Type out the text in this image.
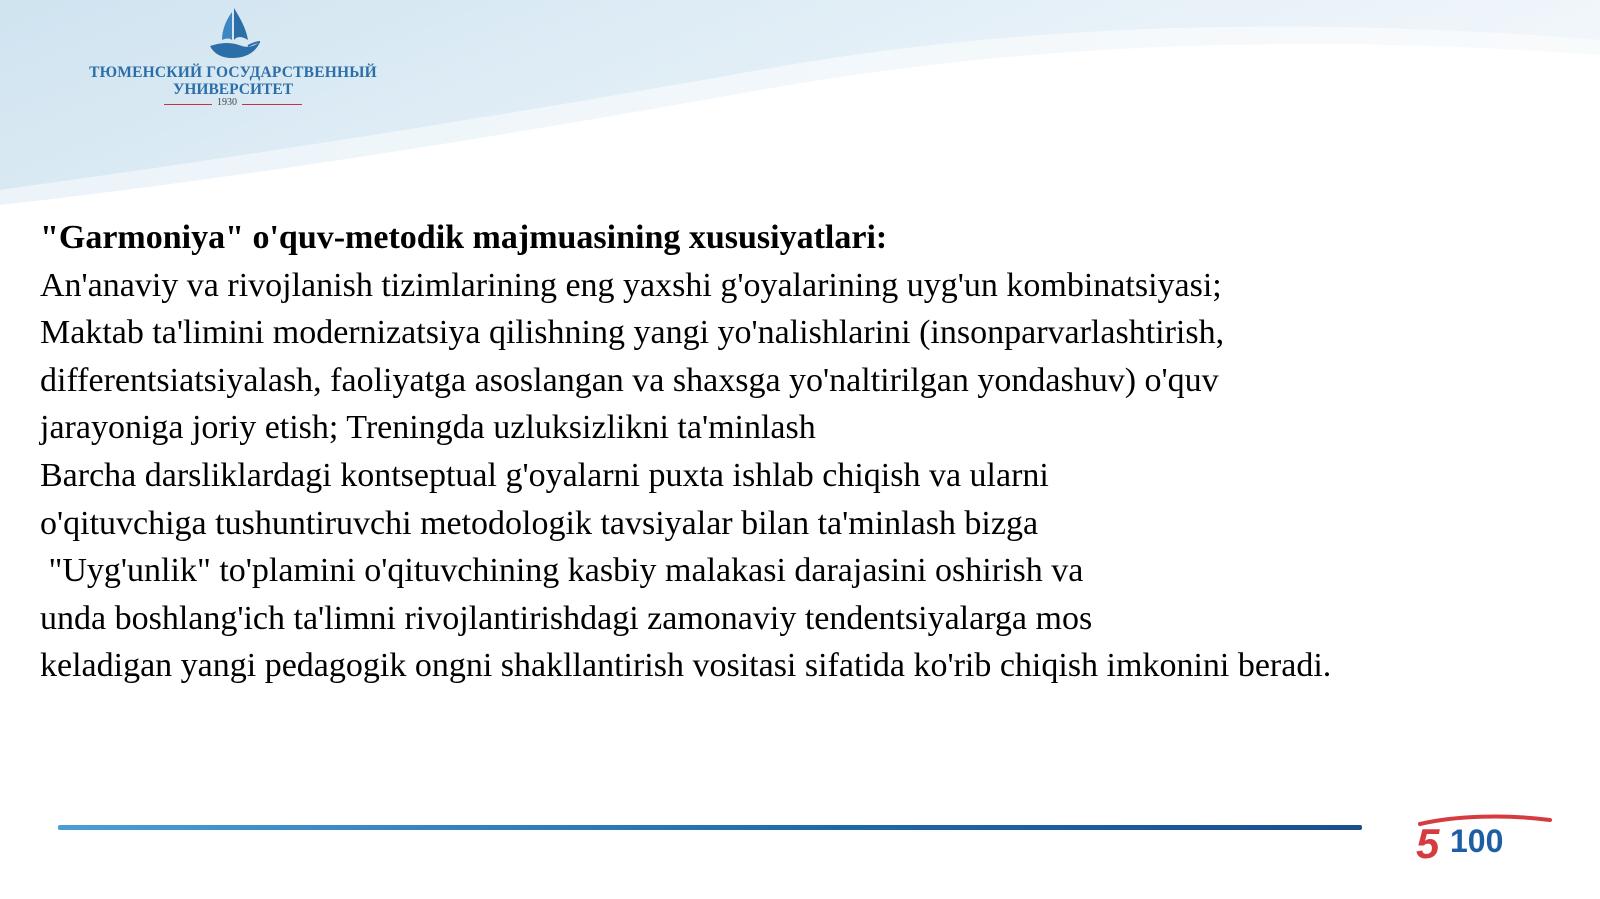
ТЮМЕНСКИЙ ГОСУДАРСТВЕННЫЙ
УНИВЕРСИТЕТ
1930
"Garmoniya" o'quv-metodik majmuasining xususiyatlari:
An'anaviy va rivojlanish tizimlarining eng yaxshi g'oyalarining uyg'un kombinatsiyasi;
Maktab ta'limini modernizatsiya qilishning yangi yo'nalishlarini (insonparvarlashtirish,
differentsiatsiyalash, faoliyatga asoslangan va shaxsga yo'naltirilgan yondashuv) o'quv
jarayoniga joriy etish; Treningda uzluksizlikni ta'minlash
Barcha darsliklardagi kontseptual g'oyalarni puxta ishlab chiqish va ularni
o'qituvchiga tushuntiruvchi metodologik tavsiyalar bilan ta'minlash bizga
"Uyg'unlik" to'plamini o'qituvchining kasbiy malakasi darajasini oshirish va
unda boshlang'ich ta'limni rivojlantirishdagi zamonaviy tendentsiyalarga mos
keladigan yangi pedagogik ongni shakllantirish vositasi sifatida ko'rib chiqish imkonini beradi.
5 100
